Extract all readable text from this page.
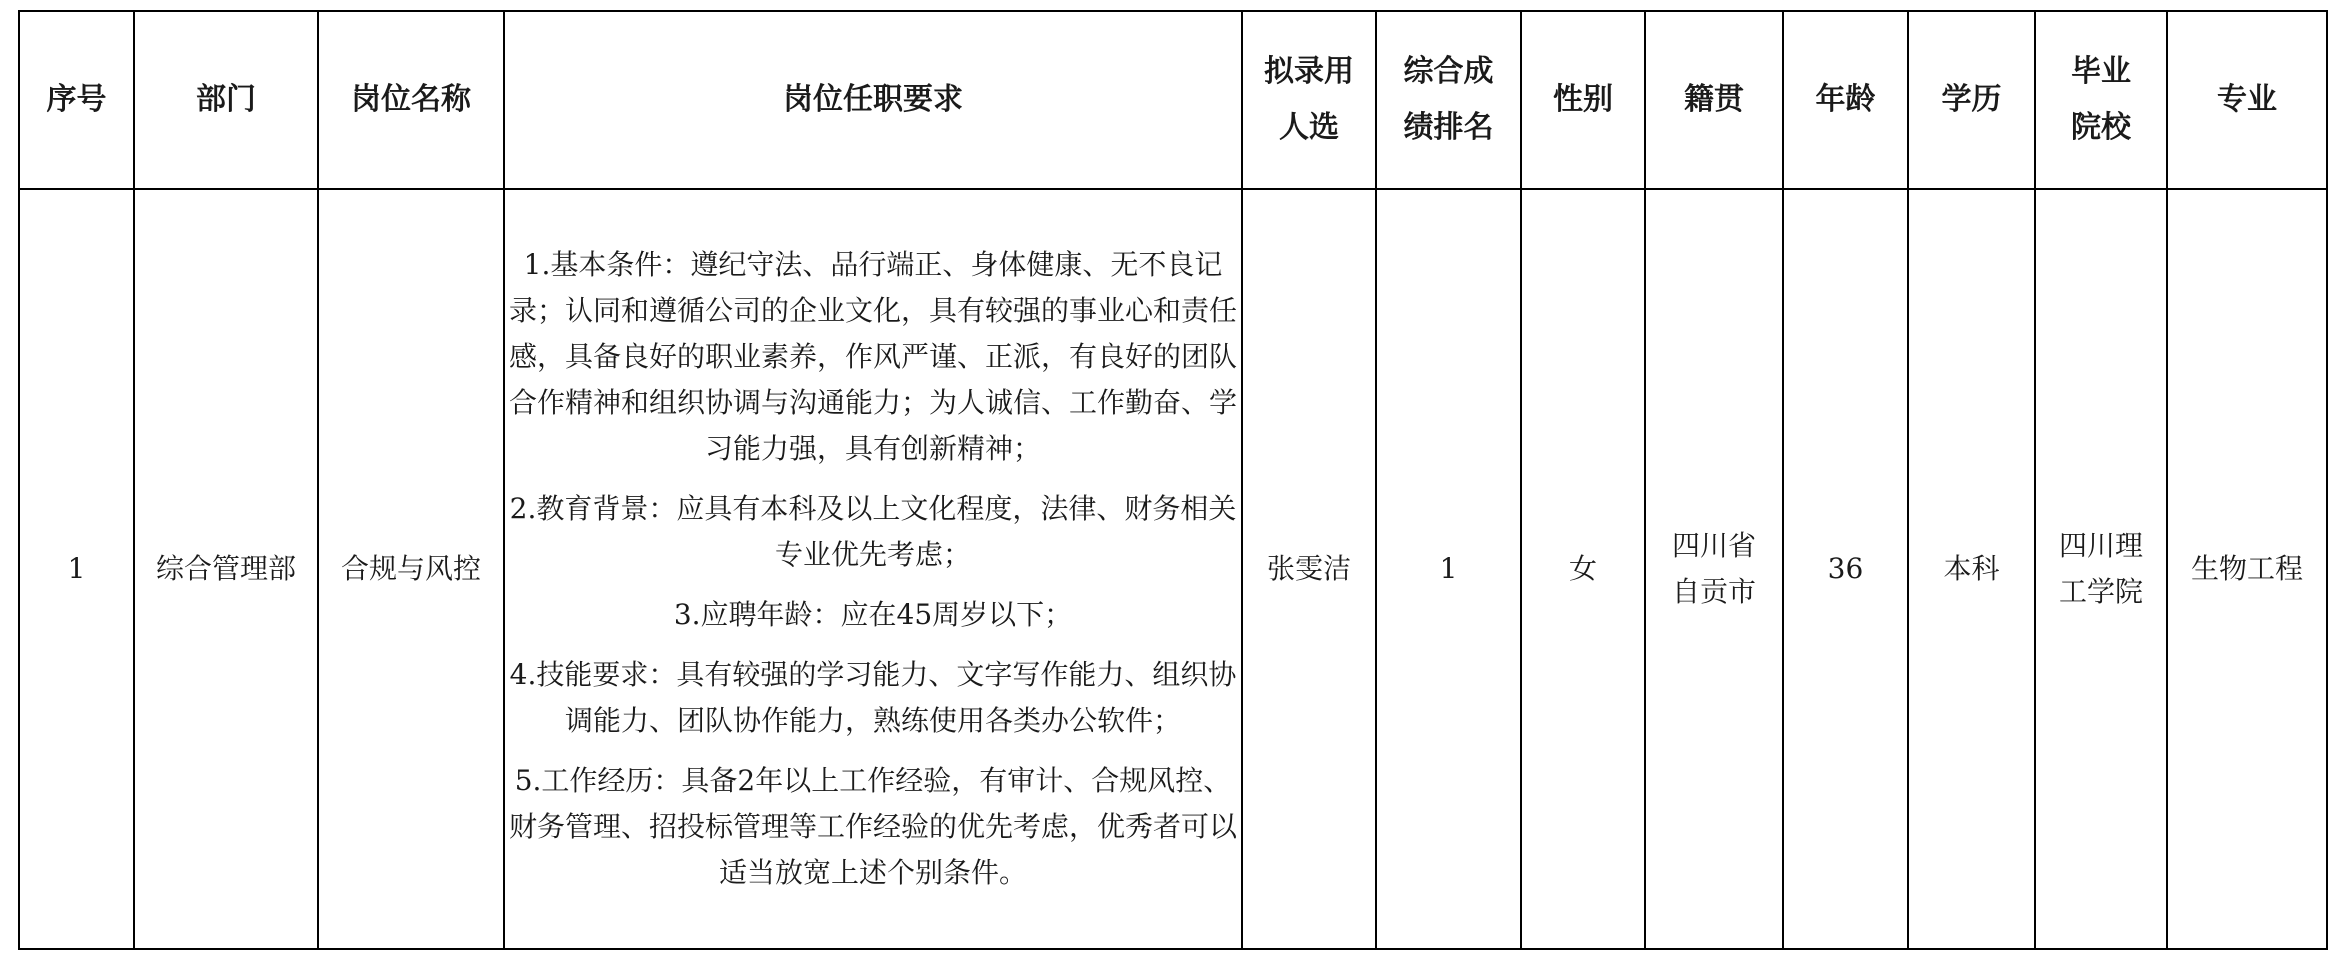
序号	部门	岗位名称	岗位任职要求	拟录用人选	综合成绩排名	性别	籍贯	年龄	学历	毕业院校	专业
1	综合管理部	合规与风控	1.基本条件：遵纪守法、品行端正、身体健康、无不良记录；认同和遵循公司的企业文化，具有较强的事业心和责任感，具备良好的职业素养，作风严谨、正派，有良好的团队合作精神和组织协调与沟通能力；为人诚信、工作勤奋、学习能力强，具有创新精神；
2.教育背景：应具有本科及以上文化程度，法律、财务相关专业优先考虑；
3.应聘年龄：应在45周岁以下；
4.技能要求：具有较强的学习能力、文字写作能力、组织协调能力、团队协作能力，熟练使用各类办公软件；
5.工作经历：具备2年以上工作经验，有审计、合规风控、财务管理、招投标管理等工作经验的优先考虑，优秀者可以适当放宽上述个别条件。	张雯洁	1	女	四川省自贡市	36	本科	四川理工学院	生物工程
